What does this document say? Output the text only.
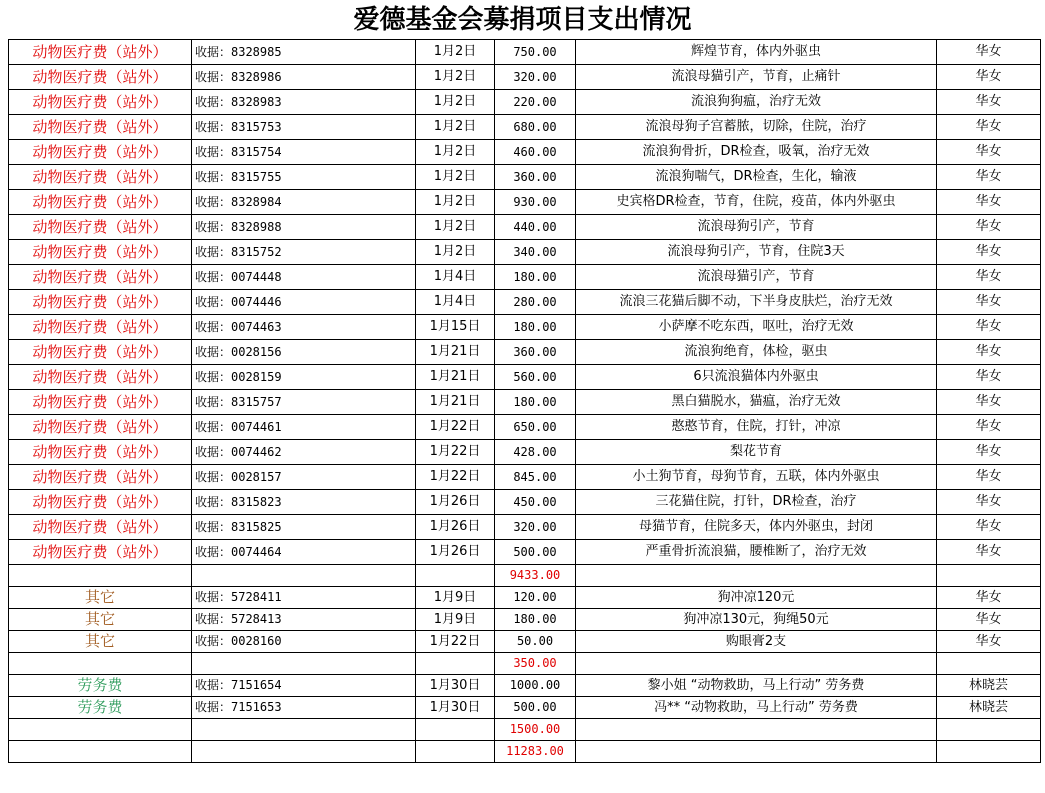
爱德基金会募捐项目支出情况
动物医疗费（站外）	收据：8328985	1月2日	750.00	辉煌节育，体内外驱虫	华女
动物医疗费（站外）	收据：8328986	1月2日	320.00	流浪母猫引产，节育，止痛针	华女
动物医疗费（站外）	收据：8328983	1月2日	220.00	流浪狗狗瘟，治疗无效	华女
动物医疗费（站外）	收据：8315753	1月2日	680.00	流浪母狗子宫蓄脓，切除，住院，治疗	华女
动物医疗费（站外）	收据：8315754	1月2日	460.00	流浪狗骨折，DR检查，吸氧，治疗无效	华女
动物医疗费（站外）	收据：8315755	1月2日	360.00	流浪狗喘气，DR检查，生化，输液	华女
动物医疗费（站外）	收据：8328984	1月2日	930.00	史宾格DR检查，节育，住院，疫苗，体内外驱虫	华女
动物医疗费（站外）	收据：8328988	1月2日	440.00	流浪母狗引产，节育	华女
动物医疗费（站外）	收据：8315752	1月2日	340.00	流浪母狗引产，节育，住院3天	华女
动物医疗费（站外）	收据：0074448	1月4日	180.00	流浪母猫引产，节育	华女
动物医疗费（站外）	收据：0074446	1月4日	280.00	流浪三花猫后脚不动，下半身皮肤烂，治疗无效	华女
动物医疗费（站外）	收据：0074463	1月15日	180.00	小萨摩不吃东西，呕吐，治疗无效	华女
动物医疗费（站外）	收据：0028156	1月21日	360.00	流浪狗绝育，体检，驱虫	华女
动物医疗费（站外）	收据：0028159	1月21日	560.00	6只流浪猫体内外驱虫	华女
动物医疗费（站外）	收据：8315757	1月21日	180.00	黑白猫脱水，猫瘟，治疗无效	华女
动物医疗费（站外）	收据：0074461	1月22日	650.00	憨憨节育，住院，打针，冲凉	华女
动物医疗费（站外）	收据：0074462	1月22日	428.00	梨花节育	华女
动物医疗费（站外）	收据：0028157	1月22日	845.00	小土狗节育，母狗节育，五联，体内外驱虫	华女
动物医疗费（站外）	收据：8315823	1月26日	450.00	三花猫住院，打针，DR检查，治疗	华女
动物医疗费（站外）	收据：8315825	1月26日	320.00	母猫节育，住院多天，体内外驱虫，封闭	华女
动物医疗费（站外）	收据：0074464	1月26日	500.00	严重骨折流浪猫，腰椎断了，治疗无效	华女
			9433.00		
其它	收据：5728411	1月9日	120.00	狗冲凉120元	华女
其它	收据：5728413	1月9日	180.00	狗冲凉130元，狗绳50元	华女
其它	收据：0028160	1月22日	50.00	购眼膏2支	华女
			350.00		
劳务费	收据：7151654	1月30日	1000.00	黎小姐 “动物救助，马上行动” 劳务费	林晓芸
劳务费	收据：7151653	1月30日	500.00	冯** “动物救助，马上行动” 劳务费	林晓芸
			1500.00		
			11283.00		
